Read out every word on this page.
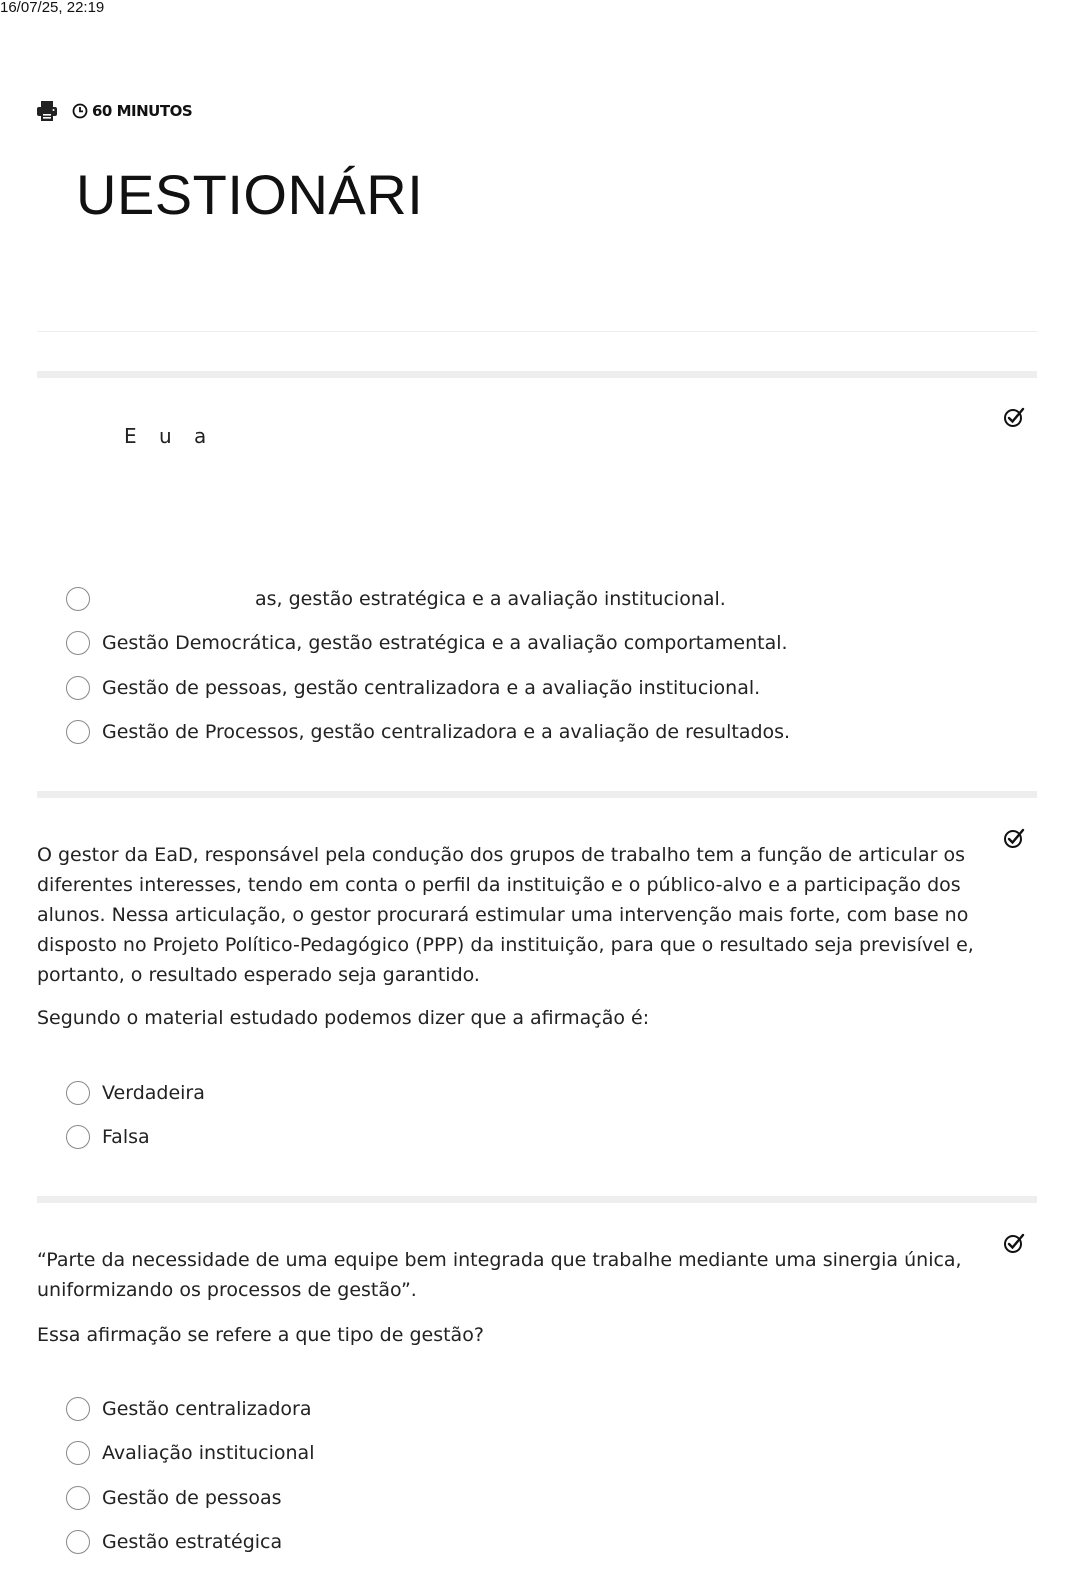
16/07/25, 22:19
60 MINUTOS
UESTIONÁRI
E u a
as, gestão estratégica e a avaliação institucional.
Gestão Democrática, gestão estratégica e a avaliação comportamental.
Gestão de pessoas, gestão centralizadora e a avaliação institucional.
Gestão de Processos, gestão centralizadora e a avaliação de resultados.
O gestor da EaD, responsável pela condução dos grupos de trabalho tem a função de articular os diferentes interesses, tendo em conta o perfil da instituição e o público-alvo e a participação dos alunos. Nessa articulação, o gestor procurará estimular uma intervenção mais forte, com base no disposto no Projeto Político-Pedagógico (PPP) da instituição, para que o resultado seja previsível e, portanto, o resultado esperado seja garantido.
Segundo o material estudado podemos dizer que a afirmação é:
Verdadeira
Falsa
“Parte da necessidade de uma equipe bem integrada que trabalhe mediante uma sinergia única, uniformizando os processos de gestão”.
Essa afirmação se refere a que tipo de gestão?
Gestão centralizadora
Avaliação institucional
Gestão de pessoas
Gestão estratégica
